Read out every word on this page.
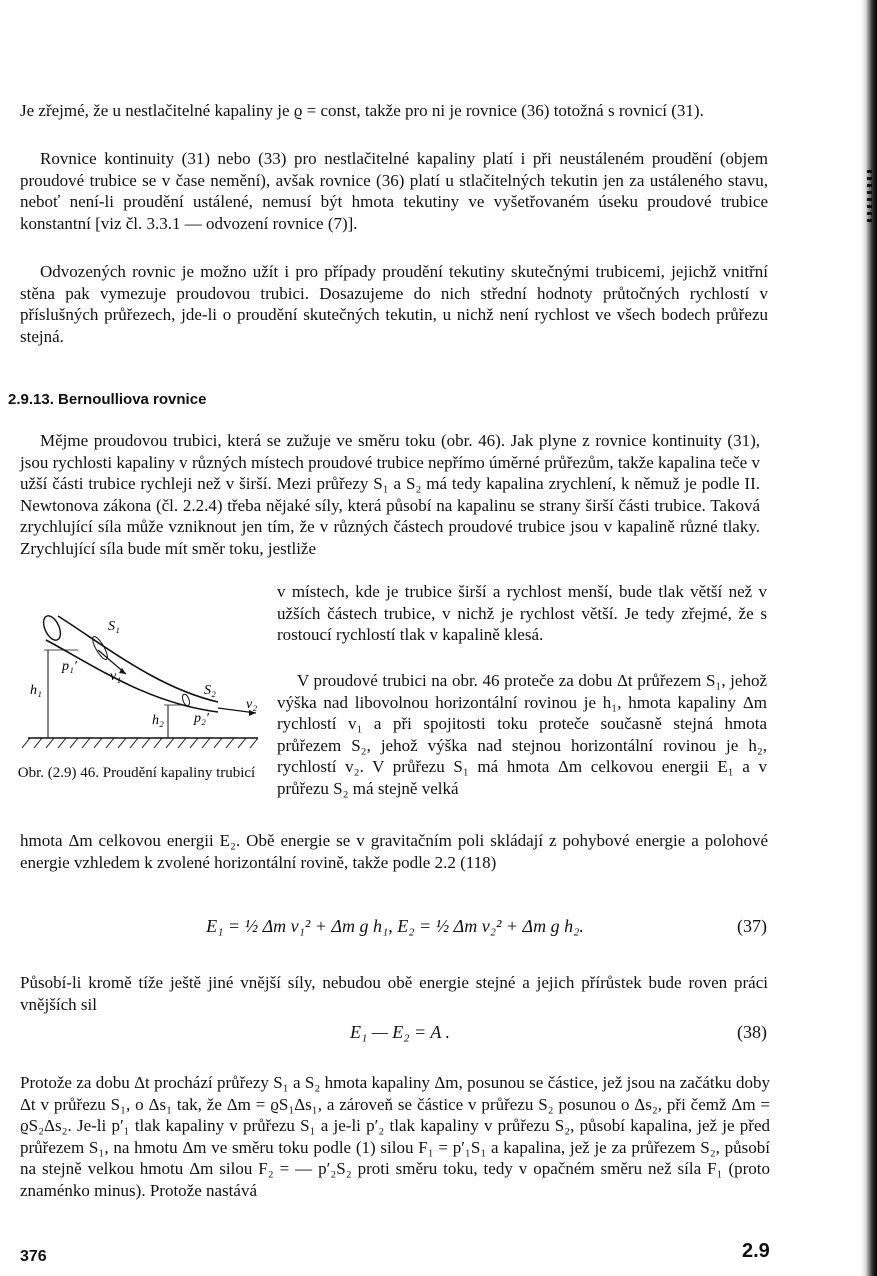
Je zřejmé, že u nestlačitelné kapaliny je ϱ = const, takže pro ni je rovnice (36) totožná s rovnicí (31).
Rovnice kontinuity (31) nebo (33) pro nestlačitelné kapaliny platí i při neustáleném proudění (objem proudové trubice se v čase nemění), avšak rovnice (36) platí u stlačitelných tekutin jen za ustáleného stavu, neboť není-li proudění ustálené, nemusí být hmota tekutiny ve vyšetřovaném úseku proudové trubice konstantní [viz čl. 3.3.1 — odvození rovnice (7)].
Odvozených rovnic je možno užít i pro případy proudění tekutiny skutečnými trubicemi, jejichž vnitřní stěna pak vymezuje proudovou trubici. Dosazujeme do nich střední hodnoty průtočných rychlostí v příslušných průřezech, jde-li o proudění skutečných tekutin, u nichž není rychlost ve všech bodech průřezu stejná.
2.9.13. Bernoulliova rovnice
Mějme proudovou trubici, která se zužuje ve směru toku (obr. 46). Jak plyne z rovnice kontinuity (31), jsou rychlosti kapaliny v různých místech proudové trubice nepřímo úměrné průřezům, takže kapalina teče v užší části trubice rychleji než v širší. Mezi průřezy S₁ a S₂ má tedy kapalina zrychlení, k němuž je podle II. Newtonova zákona (čl. 2.2.4) třeba nějaké síly, která působí na kapalinu se strany širší části trubice. Taková zrychlující síla může vzniknout jen tím, že v různých částech proudové trubice jsou v kapalině různé tlaky. Zrychlující síla bude mít směr toku, jestliže
S₁
p₁′
v₁
h₁	S₂
p₂′
v₂
h₂
Obr. (2.9) 46. Proudění kapaliny trubicí
v místech, kde je trubice širší a rychlost menší, bude tlak větší než v užších částech trubice, v nichž je rychlost větší. Je tedy zřejmé, že s rostoucí rychlostí tlak v kapalině klesá.
V proudové trubici na obr. 46 proteče za dobu Δt průřezem S₁, jehož výška nad libovolnou horizontální rovinou je h₁, hmota kapaliny Δm rychlostí v₁ a při spojitosti toku proteče současně stejná hmota průřezem S₂, jehož výška nad stejnou horizontální rovinou je h₂, rychlostí v₂. V průřezu S₁ má hmota Δm celkovou energii E₁ a v průřezu S₂ má stejně velká
hmota Δm celkovou energii E₂. Obě energie se v gravitačním poli skládají z pohybové energie a polohové energie vzhledem k zvolené horizontální rovině, takže podle 2.2 (118)
E₁ = ½ Δm v₁² + Δm g h₁, E₂ = ½ Δm v₂² + Δm g h₂.	(37)
Působí-li kromě tíže ještě jiné vnější síly, nebudou obě energie stejné a jejich přírůstek bude roven práci vnějších sil
E₁ — E₂ = A .	(38)
Protože za dobu Δt prochází průřezy S₁ a S₂ hmota kapaliny Δm, posunou se částice, jež jsou na začátku doby Δt v průřezu S₁, o Δs₁ tak, že Δm = ϱS₁Δs₁, a zároveň se částice v průřezu S₂ posunou o Δs₂, při čemž Δm = ϱS₂Δs₂. Je-li p′₁ tlak kapaliny v průřezu S₁ a je-li p′₂ tlak kapaliny v průřezu S₂, působí kapalina, jež je před průřezem S₁, na hmotu Δm ve směru toku podle (1) silou F₁ = p′₁S₁ a kapalina, jež je za průřezem S₂, působí na stejně velkou hmotu Δm silou F₂ = — p′₂S₂ proti směru toku, tedy v opačném směru než síla F₁ (proto znaménko minus). Protože nastává
376	2.9
